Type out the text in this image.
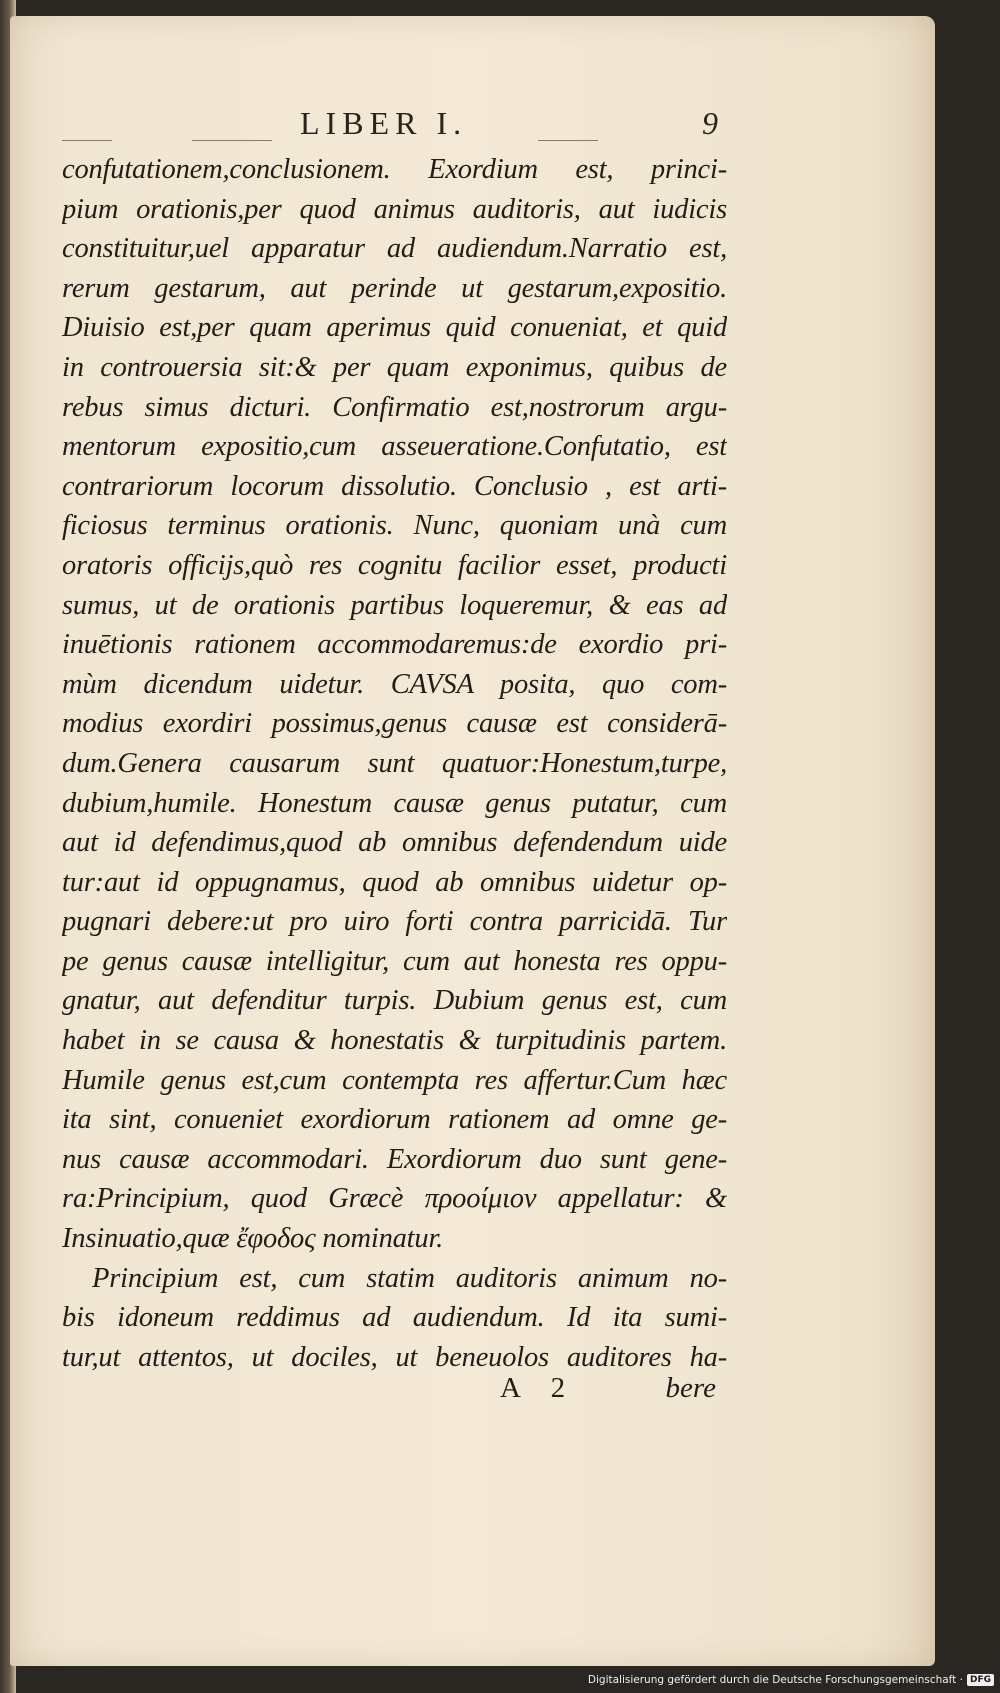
LIBER I.	9
confutationem,conclusionem. Exordium est, princi-
pium orationis,per quod animus auditoris, aut iudicis
constituitur,uel apparatur ad audiendum.Narratio est,
rerum gestarum, aut perinde ut gestarum,expositio.
Diuisio est,per quam aperimus quid conueniat, et quid
in controuersia sit:& per quam exponimus, quibus de
rebus simus dicturi. Confirmatio est,nostrorum argu-
mentorum expositio,cum asseueratione.Confutatio, est
contrariorum locorum dissolutio. Conclusio , est arti-
ficiosus terminus orationis. Nunc, quoniam unà cum
oratoris officijs,quò res cognitu facilior esset, producti
sumus, ut de orationis partibus loqueremur, & eas ad
inuētionis rationem accommodaremus:de exordio pri-
mùm dicendum uidetur. CAVSA posita, quo com-
modius exordiri possimus,genus causæ est considerā-
dum.Genera causarum sunt quatuor:Honestum,turpe,
dubium,humile. Honestum causæ genus putatur, cum
aut id defendimus,quod ab omnibus defendendum uide
tur:aut id oppugnamus, quod ab omnibus uidetur op-
pugnari debere:ut pro uiro forti contra parricidā. Tur
pe genus causæ intelligitur, cum aut honesta res oppu-
gnatur, aut defenditur turpis. Dubium genus est, cum
habet in se causa & honestatis & turpitudinis partem.
Humile genus est,cum contempta res affertur.Cum hæc
ita sint, conueniet exordiorum rationem ad omne ge-
nus causæ accommodari. Exordiorum duo sunt gene-
ra:Principium, quod Græcè προοίμιον appellatur: &
Insinuatio,quæ ἔφοδος nominatur.
Principium est, cum statim auditoris animum no-
bis idoneum reddimus ad audiendum. Id ita sumi-
tur,ut attentos, ut dociles, ut beneuolos auditores ha-
A 2	bere
Digitalisierung gefördert durch die Deutsche Forschungsgemeinschaft · DFG
